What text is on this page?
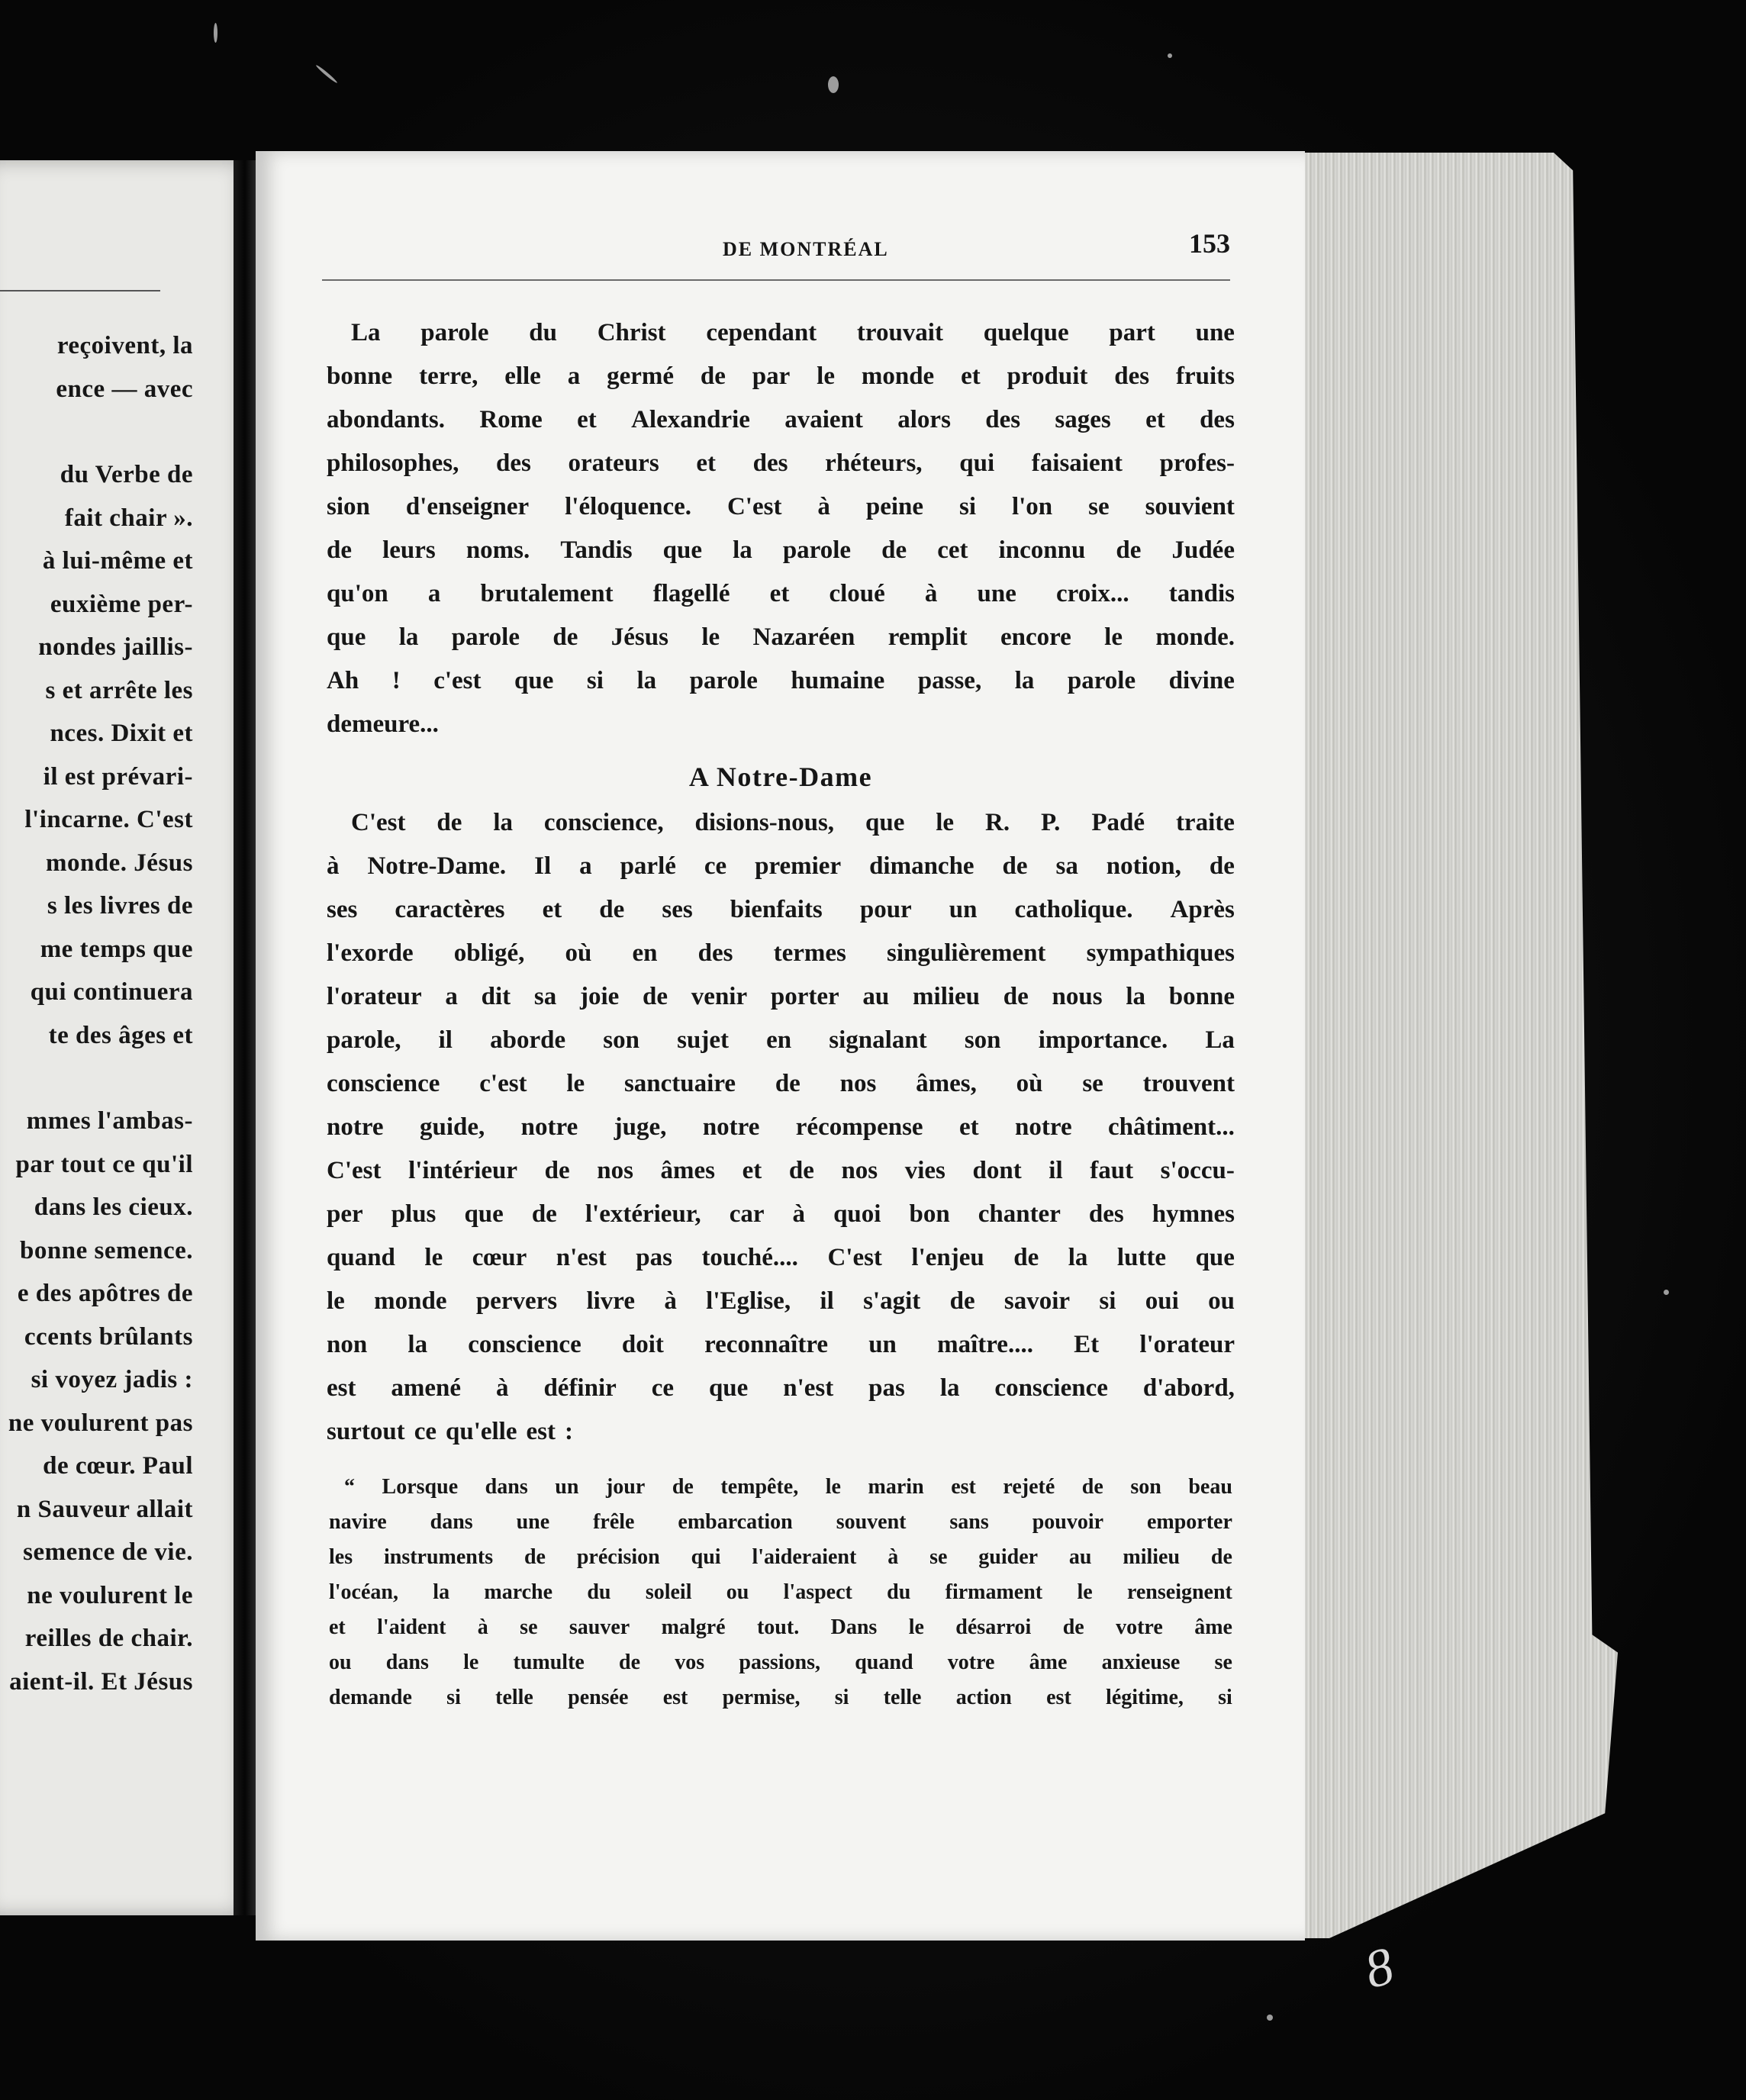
reçoivent, la
ence — avec
du Verbe de
fait chair ».
à lui-même et
euxième per-
nondes jaillis-
s et arrête les
nces. Dixit et
il est prévari-
l'incarne. C'est
monde. Jésus
s les livres de
me temps que
qui continuera
te des âges et
mmes l'ambas-
par tout ce qu'il
dans les cieux.
bonne semence.
e des apôtres de
ccents brûlants
si voyez jadis :
ne voulurent pas
de cœur. Paul
n Sauveur allait
semence de vie.
ne voulurent le
reilles de chair.
aient-il. Et Jésus
8
DE MONTRÉAL	153
La parole du Christ cependant trouvait quelque part une
bonne terre, elle a germé de par le monde et produit des fruits
abondants. Rome et Alexandrie avaient alors des sages et des
philosophes, des orateurs et des rhéteurs, qui faisaient profes-
sion d'enseigner l'éloquence. C'est à peine si l'on se souvient
de leurs noms. Tandis que la parole de cet inconnu de Judée
qu'on a brutalement flagellé et cloué à une croix... tandis
que la parole de Jésus le Nazaréen remplit encore le monde.
Ah ! c'est que si la parole humaine passe, la parole divine
demeure...
A Notre-Dame
C'est de la conscience, disions-nous, que le R. P. Padé traite
à Notre-Dame. Il a parlé ce premier dimanche de sa notion, de
ses caractères et de ses bienfaits pour un catholique. Après
l'exorde obligé, où en des termes singulièrement sympathiques
l'orateur a dit sa joie de venir porter au milieu de nous la bonne
parole, il aborde son sujet en signalant son importance. La
conscience c'est le sanctuaire de nos âmes, où se trouvent
notre guide, notre juge, notre récompense et notre châtiment...
C'est l'intérieur de nos âmes et de nos vies dont il faut s'occu-
per plus que de l'extérieur, car à quoi bon chanter des hymnes
quand le cœur n'est pas touché.... C'est l'enjeu de la lutte que
le monde pervers livre à l'Eglise, il s'agit de savoir si oui ou
non la conscience doit reconnaître un maître.... Et l'orateur
est amené à définir ce que n'est pas la conscience d'abord,
surtout ce qu'elle est :
“ Lorsque dans un jour de tempête, le marin est rejeté de son beau
navire dans une frêle embarcation souvent sans pouvoir emporter
les instruments de précision qui l'aideraient à se guider au milieu de
l'océan, la marche du soleil ou l'aspect du firmament le renseignent
et l'aident à se sauver malgré tout. Dans le désarroi de votre âme
ou dans le tumulte de vos passions, quand votre âme anxieuse se
demande si telle pensée est permise, si telle action est légitime, si
